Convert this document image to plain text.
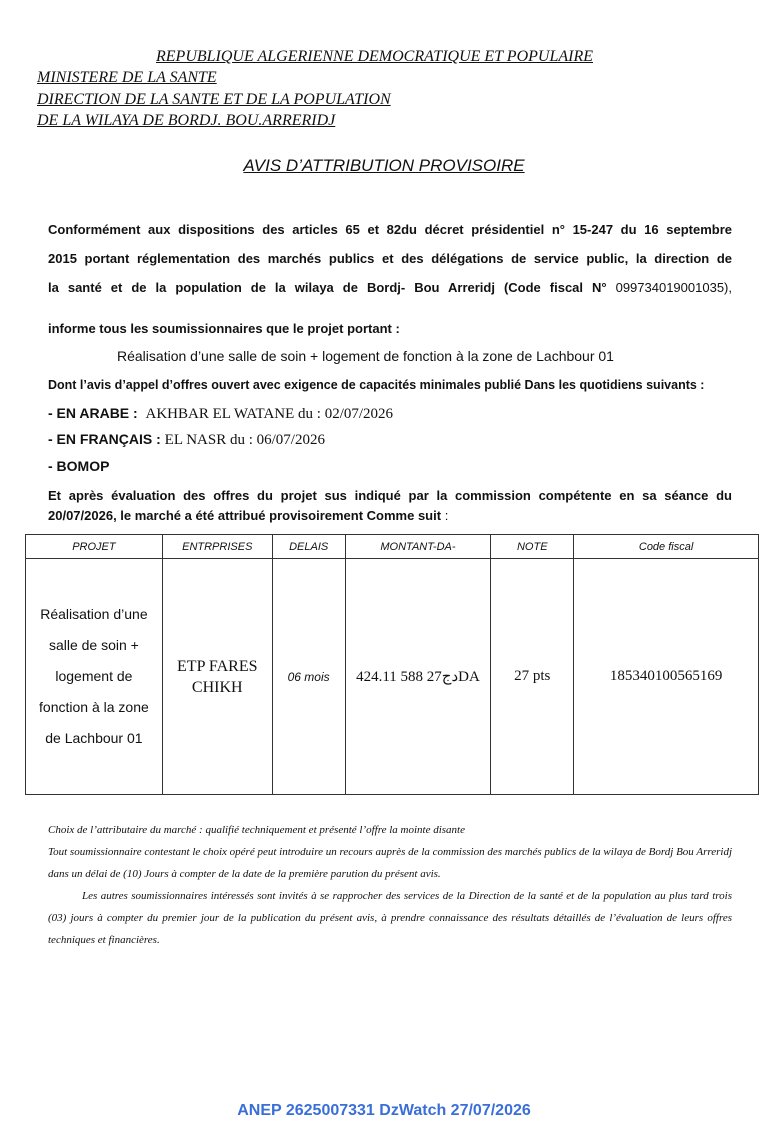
REPUBLIQUE ALGERIENNE DEMOCRATIQUE ET POPULAIRE
MINISTERE DE LA SANTE
DIRECTION DE LA SANTE ET DE LA POPULATION
DE LA WILAYA DE BORDJ. BOU.ARRERIDJ
AVIS D’ATTRIBUTION PROVISOIRE
Conformément aux dispositions des articles 65 et 82du décret présidentiel n° 15-247 du 16 septembre
2015 portant réglementation des marchés publics et des délégations de service public, la direction de
la santé et de la population de la wilaya de Bordj- Bou Arreridj (Code fiscal N° 099734019001035),
informe tous les soumissionnaires que le projet portant :
Réalisation d’une salle de soin + logement de fonction à la zone de Lachbour 01
Dont l’avis d’appel d’offres ouvert avec exigence de capacités minimales publié Dans les quotidiens suivants :
- EN ARABE : AKHBAR EL WATANE du : 02/07/2026
- EN FRANÇAIS : EL NASR du : 06/07/2026
- BOMOP
Et après évaluation des offres du projet sus indiqué par la commission compétente en sa séance du
20/07/2026, le marché a été attribué provisoirement Comme suit :
PROJET	ENTRPRISES	DELAIS	MONTANT-DA-	NOTE	Code fiscal
Réalisation d’une salle de soin + logement de fonction à la zone de Lachbour 01	ETP FARES CHIKH	06 mois	دج27 588 424.11DA	27 pts	185340100565169

Choix de l’attributaire du marché : qualifié techniquement et présenté l’offre la mointe disante

Tout soumissionnaire contestant le choix opéré peut introduire un recours auprès de la commission des marchés publics de la wilaya de Bordj Bou Arreridj dans un délai de (10) Jours à compter de la date de la première parution du présent avis.

Les autres soumissionnaires intéressés sont invités à se rapprocher des services de la Direction de la santé et de la population au plus tard trois (03) jours à compter du premier jour de la publication du présent avis, à prendre connaissance des résultats détaillés de l’évaluation de leurs offres techniques et financières.

ANEP 2625007331 DzWatch 27/07/2026
